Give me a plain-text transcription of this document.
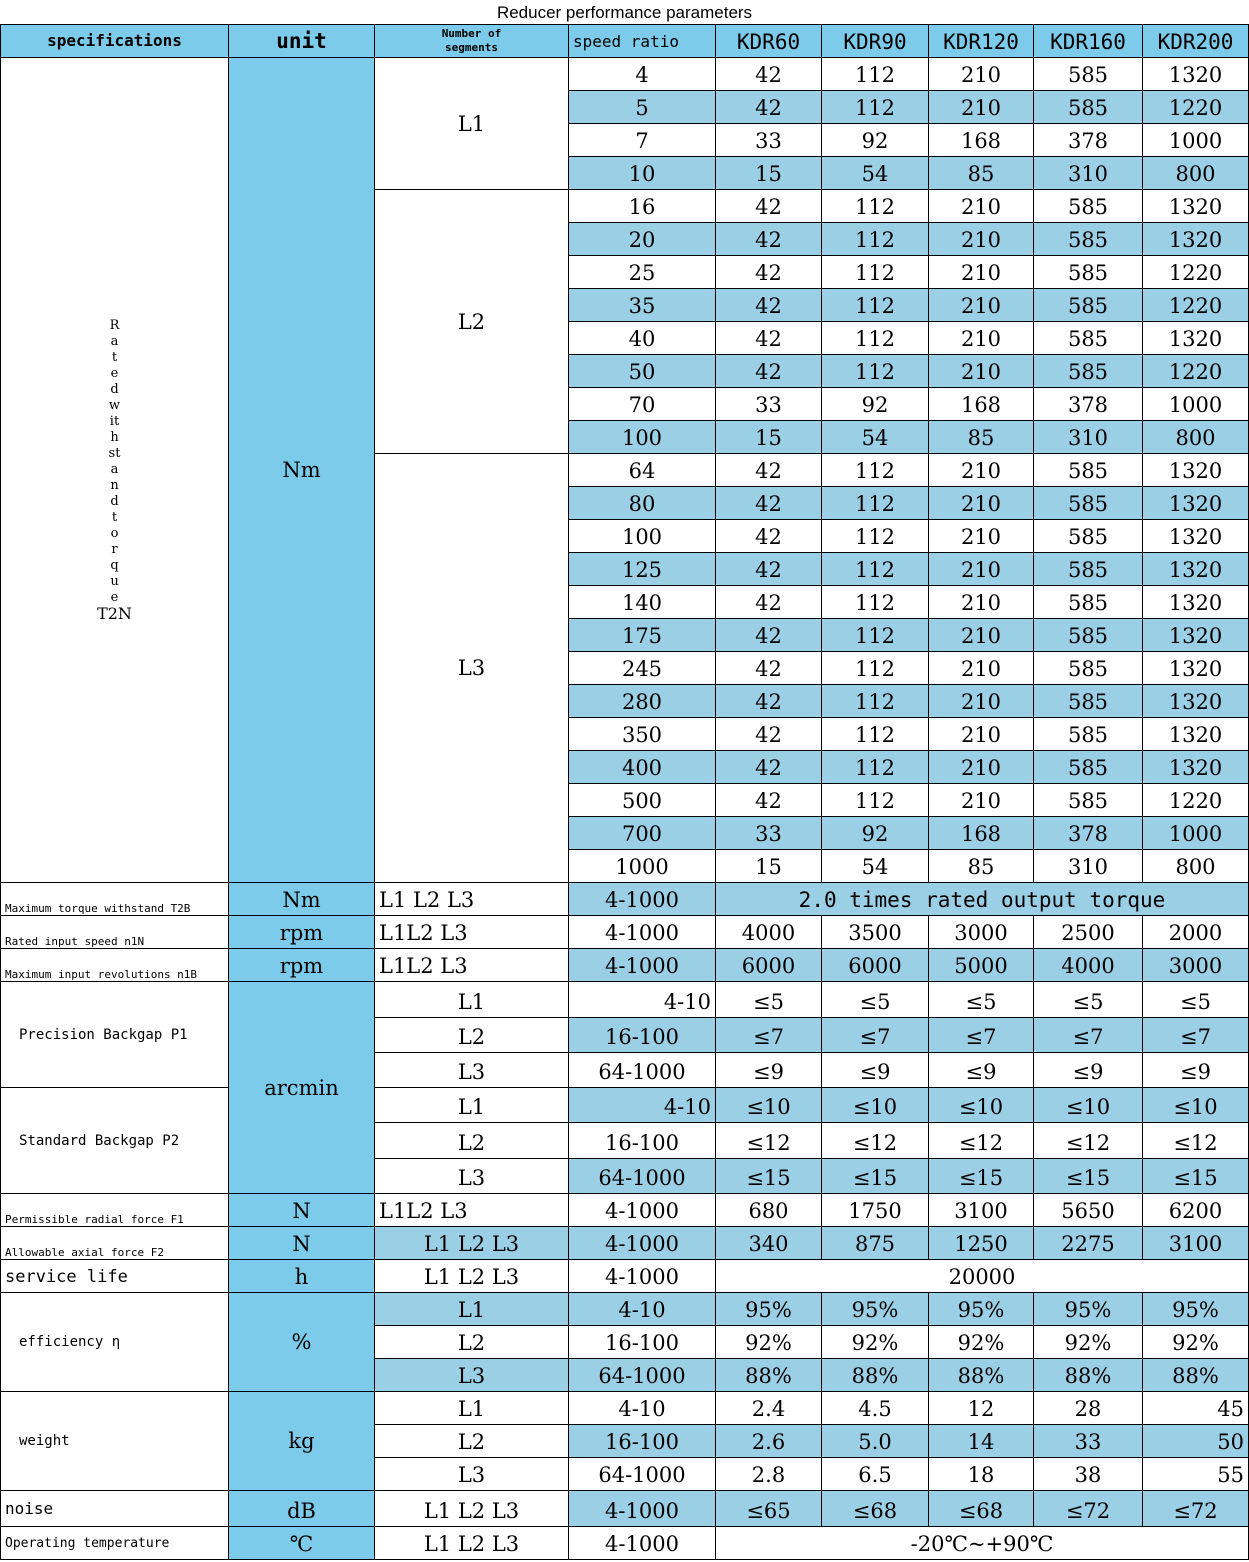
Reducer performance parameters
specifications	unit	Number of segments	speed ratio	KDR60	KDR90	KDR120	KDR160	KDR200

Rated withstand torque
T2N	Nm	L1	4	42	112	210	585	1320
			5	42	112	210	585	1220
			7	33	92	168	378	1000
			10	15	54	85	310	800
		L2	16	42	112	210	585	1320
			20	42	112	210	585	1320
			25	42	112	210	585	1220
			35	42	112	210	585	1220
			40	42	112	210	585	1320
			50	42	112	210	585	1220
			70	33	92	168	378	1000
			100	15	54	85	310	800
		L3	64	42	112	210	585	1320
			80	42	112	210	585	1320
			100	42	112	210	585	1320
			125	42	112	210	585	1320
			140	42	112	210	585	1320
			175	42	112	210	585	1320
			245	42	112	210	585	1320
			280	42	112	210	585	1320
			350	42	112	210	585	1320
			400	42	112	210	585	1320
			500	42	112	210	585	1220
			700	33	92	168	378	1000
			1000	15	54	85	310	800
Maximum torque withstand T2B	Nm	L1 L2 L3	4-1000	2.0 times rated output torque				
Rated input speed n1N	rpm	L1L2 L3	4-1000	4000	3500	3000	2500	2000
Maximum input revolutions n1B	rpm	L1L2 L3	4-1000	6000	6000	5000	4000	3000
Precision Backgap P1	arcmin	L1	4-10	≤5	≤5	≤5	≤5	≤5
		L2	16-100	≤7	≤7	≤7	≤7	≤7
		L3	64-1000	≤9	≤9	≤9	≤9	≤9
Standard Backgap P2		L1	4-10	≤10	≤10	≤10	≤10	≤10
		L2	16-100	≤12	≤12	≤12	≤12	≤12
		L3	64-1000	≤15	≤15	≤15	≤15	≤15
Permissible radial force F1	N	L1L2 L3	4-1000	680	1750	3100	5650	6200
Allowable axial force F2	N	L1 L2 L3	4-1000	340	875	1250	2275	3100
service life	h	L1 L2 L3	4-1000	20000				
efficiency η	%	L1	4-10	95%	95%	95%	95%	95%
		L2	16-100	92%	92%	92%	92%	92%
		L3	64-1000	88%	88%	88%	88%	88%
weight	kg	L1	4-10	2.4	4.5	12	28	45
		L2	16-100	2.6	5.0	14	33	50
		L3	64-1000	2.8	6.5	18	38	55
noise	dB	L1 L2 L3	4-1000	≤65	≤68	≤68	≤72	≤72
Operating temperature	℃	L1 L2 L3	4-1000	-20℃~+90℃				
